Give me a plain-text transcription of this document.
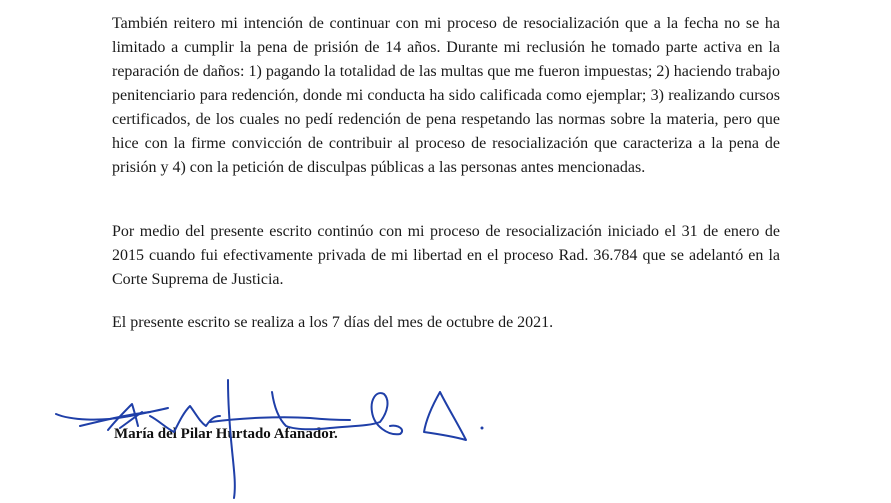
También reitero mi intención de continuar con mi proceso de resocialización que a la fecha no se ha limitado a cumplir la pena de prisión de 14 años. Durante mi reclusión he tomado parte activa en la reparación de daños: 1) pagando la totalidad de las multas que me fueron impuestas; 2) haciendo trabajo penitenciario para redención, donde mi conducta ha sido calificada como ejemplar; 3) realizando cursos certificados, de los cuales no pedí redención de pena respetando las normas sobre la materia, pero que hice con la firme convicción de contribuir al proceso de resocialización que caracteriza a la pena de prisión y 4) con la petición de disculpas públicas a las personas antes mencionadas.

Por medio del presente escrito continúo con mi proceso de resocialización iniciado el 31 de enero de 2015 cuando fui efectivamente privada de mi libertad en el proceso Rad. 36.784 que se adelantó en la Corte Suprema de Justicia.

El presente escrito se realiza a los 7 días del mes de octubre de 2021.

María del Pilar Hurtado Afanador.
